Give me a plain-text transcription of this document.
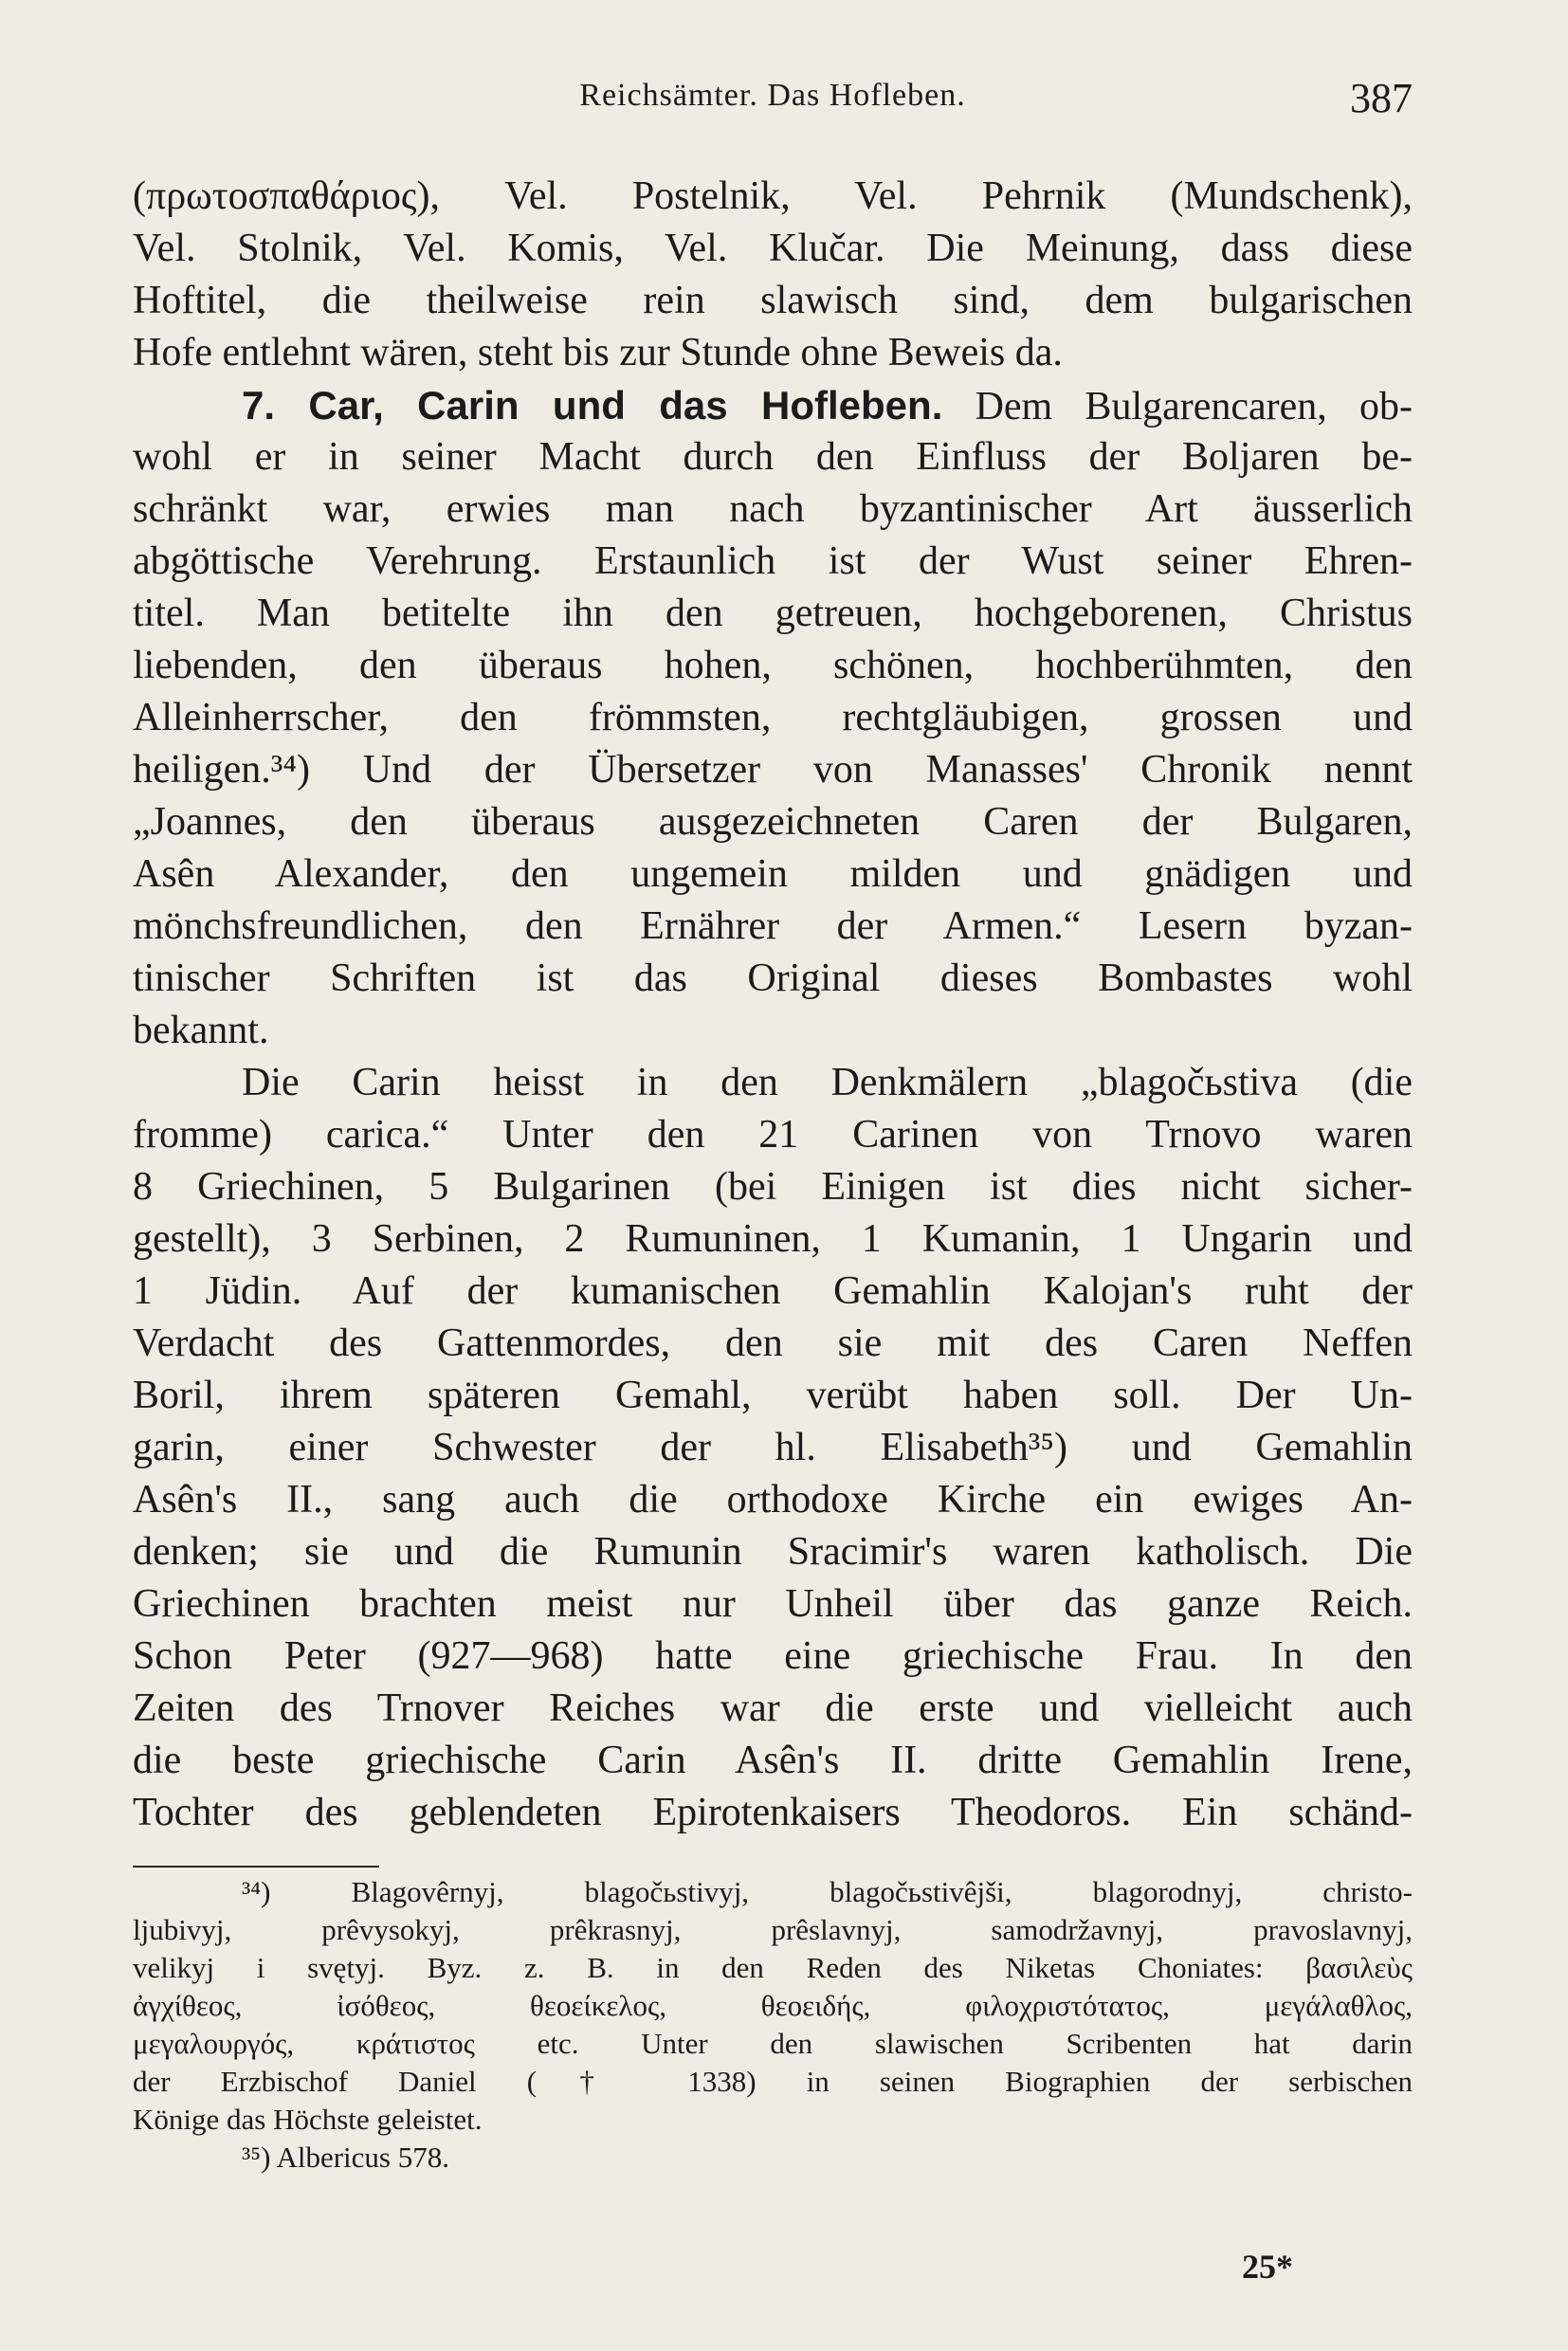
Reichsämter. Das Hofleben.	387
(πρωτοσπαθάριος), Vel. Postelnik, Vel. Pehrnik (Mundschenk),
Vel. Stolnik, Vel. Komis, Vel. Klučar. Die Meinung, dass diese
Hoftitel, die theilweise rein slawisch sind, dem bulgarischen
Hofe entlehnt wären, steht bis zur Stunde ohne Beweis da.
7. Car, Carin und das Hofleben. Dem Bulgarencaren, ob-
wohl er in seiner Macht durch den Einfluss der Boljaren be-
schränkt war, erwies man nach byzantinischer Art äusserlich
abgöttische Verehrung. Erstaunlich ist der Wust seiner Ehren-
titel. Man betitelte ihn den getreuen, hochgeborenen, Christus
liebenden, den überaus hohen, schönen, hochberühmten, den
Alleinherrscher, den frömmsten, rechtgläubigen, grossen und
heiligen.³⁴) Und der Übersetzer von Manasses' Chronik nennt
„Joannes, den überaus ausgezeichneten Caren der Bulgaren,
Asên Alexander, den ungemein milden und gnädigen und
mönchsfreundlichen, den Ernährer der Armen.“ Lesern byzan-
tinischer Schriften ist das Original dieses Bombastes wohl
bekannt.
Die Carin heisst in den Denkmälern „blagočьstiva (die
fromme) carica.“ Unter den 21 Carinen von Trnovo waren
8 Griechinen, 5 Bulgarinen (bei Einigen ist dies nicht sicher-
gestellt), 3 Serbinen, 2 Rumuninen, 1 Kumanin, 1 Ungarin und
1 Jüdin. Auf der kumanischen Gemahlin Kalojan's ruht der
Verdacht des Gattenmordes, den sie mit des Caren Neffen
Boril, ihrem späteren Gemahl, verübt haben soll. Der Un-
garin, einer Schwester der hl. Elisabeth³⁵) und Gemahlin
Asên's II., sang auch die orthodoxe Kirche ein ewiges An-
denken; sie und die Rumunin Sracimir's waren katholisch. Die
Griechinen brachten meist nur Unheil über das ganze Reich.
Schon Peter (927—968) hatte eine griechische Frau. In den
Zeiten des Trnover Reiches war die erste und vielleicht auch
die beste griechische Carin Asên's II. dritte Gemahlin Irene,
Tochter des geblendeten Epirotenkaisers Theodoros. Ein schänd-
³⁴) Blagovêrnyj, blagočьstivyj, blagočьstivêjši, blagorodnyj, christo-
ljubivyj, prêvysokyj, prêkrasnyj, prêslavnyj, samodržavnyj, pravoslavnyj,
velikyj i svętyj. Byz. z. B. in den Reden des Niketas Choniates: βασιλεὺς
ἀγχίθεος, ἰσόθεος, θεοείκελος, θεοειδής, φιλοχριστότατος, μεγάλαθλος,
μεγαλουργός, κράτιστος etc. Unter den slawischen Scribenten hat darin
der Erzbischof Daniel († 1338) in seinen Biographien der serbischen
Könige das Höchste geleistet.
³⁵) Albericus 578.
25*
